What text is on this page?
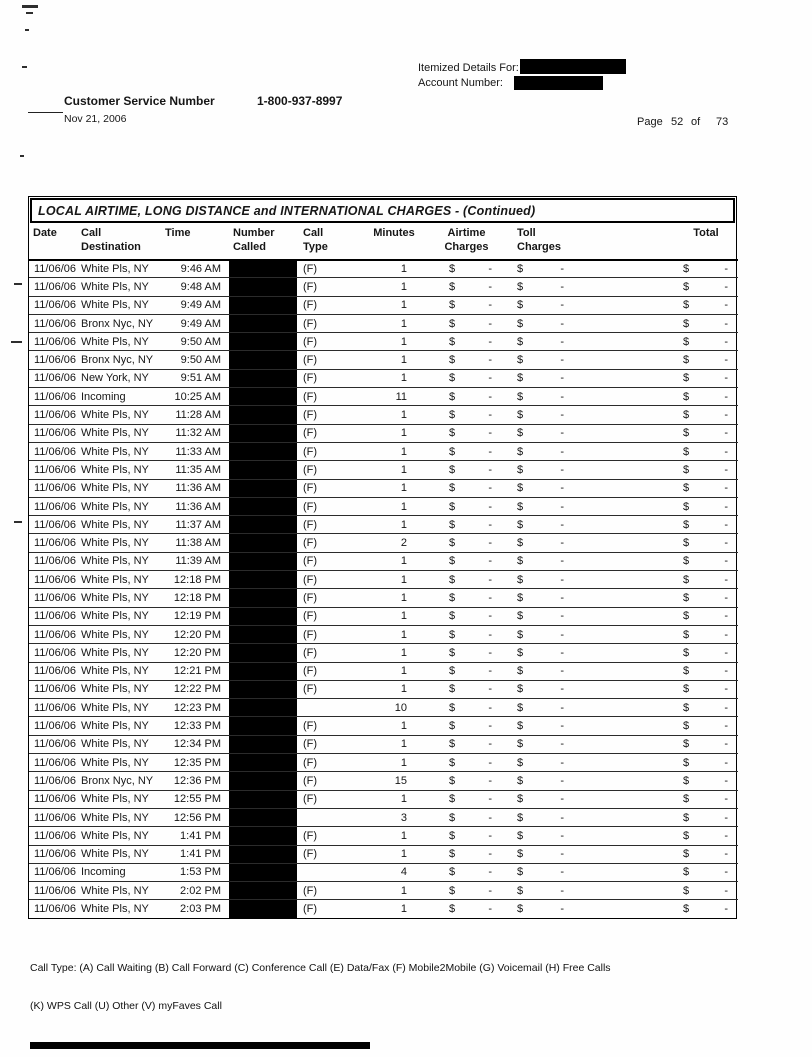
Itemized Details For:
Account Number:
Customer Service Number	1-800-937-8997
Nov 21, 2006	Page 52 of 73
LOCAL AIRTIME, LONG DISTANCE and INTERNATIONAL CHARGES - (Continued)
Date	Call Destination	Time	Number Called	Call Type	Minutes	Airtime Charges	Toll Charges		Total
11/06/06	White Pls, NY	9:46 AM		(F)	1	$ -	$ -		$ -

11/06/06	White Pls, NY	9:48 AM		(F)	1	$ -	$ -		$ -

11/06/06	White Pls, NY	9:49 AM		(F)	1	$ -	$ -		$ -

11/06/06	Bronx Nyc, NY	9:49 AM		(F)	1	$ -	$ -		$ -

11/06/06	White Pls, NY	9:50 AM		(F)	1	$ -	$ -		$ -

11/06/06	Bronx Nyc, NY	9:50 AM		(F)	1	$ -	$ -		$ -

11/06/06	New York, NY	9:51 AM		(F)	1	$ -	$ -		$ -

11/06/06	Incoming	10:25 AM		(F)	11	$ -	$ -		$ -

11/06/06	White Pls, NY	11:28 AM		(F)	1	$ -	$ -		$ -

11/06/06	White Pls, NY	11:32 AM		(F)	1	$ -	$ -		$ -

11/06/06	White Pls, NY	11:33 AM		(F)	1	$ -	$ -		$ -

11/06/06	White Pls, NY	11:35 AM		(F)	1	$ -	$ -		$ -

11/06/06	White Pls, NY	11:36 AM		(F)	1	$ -	$ -		$ -

11/06/06	White Pls, NY	11:36 AM		(F)	1	$ -	$ -		$ -

11/06/06	White Pls, NY	11:37 AM		(F)	1	$ -	$ -		$ -

11/06/06	White Pls, NY	11:38 AM		(F)	2	$ -	$ -		$ -

11/06/06	White Pls, NY	11:39 AM		(F)	1	$ -	$ -		$ -

11/06/06	White Pls, NY	12:18 PM		(F)	1	$ -	$ -		$ -

11/06/06	White Pls, NY	12:18 PM		(F)	1	$ -	$ -		$ -

11/06/06	White Pls, NY	12:19 PM		(F)	1	$ -	$ -		$ -

11/06/06	White Pls, NY	12:20 PM		(F)	1	$ -	$ -		$ -

11/06/06	White Pls, NY	12:20 PM		(F)	1	$ -	$ -		$ -

11/06/06	White Pls, NY	12:21 PM		(F)	1	$ -	$ -		$ -

11/06/06	White Pls, NY	12:22 PM		(F)	1	$ -	$ -		$ -

11/06/06	White Pls, NY	12:23 PM			10	$ -	$ -		$ -

11/06/06	White Pls, NY	12:33 PM		(F)	1	$ -	$ -		$ -

11/06/06	White Pls, NY	12:34 PM		(F)	1	$ -	$ -		$ -

11/06/06	White Pls, NY	12:35 PM		(F)	1	$ -	$ -		$ -

11/06/06	Bronx Nyc, NY	12:36 PM		(F)	15	$ -	$ -		$ -

11/06/06	White Pls, NY	12:55 PM		(F)	1	$ -	$ -		$ -

11/06/06	White Pls, NY	12:56 PM			3	$ -	$ -		$ -

11/06/06	White Pls, NY	1:41 PM		(F)	1	$ -	$ -		$ -

11/06/06	White Pls, NY	1:41 PM		(F)	1	$ -	$ -		$ -

11/06/06	Incoming	1:53 PM			4	$ -	$ -		$ -

11/06/06	White Pls, NY	2:02 PM		(F)	1	$ -	$ -		$ -

11/06/06	White Pls, NY	2:03 PM		(F)	1	$ -	$ -		$ -
Call Type: (A) Call Waiting (B) Call Forward (C) Conference Call (E) Data/Fax (F) Mobile2Mobile (G) Voicemail (H) Free Calls
(K) WPS Call (U) Other (V) myFaves Call
